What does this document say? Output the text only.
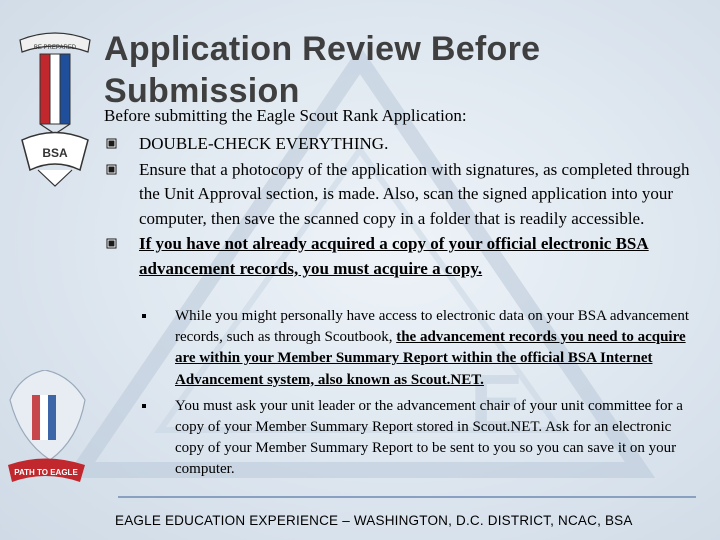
E
BE PREPARED
BSA
PATH TO EAGLE
Application Review Before Submission
Before submitting the Eagle Scout Rank Application:
DOUBLE-CHECK EVERYTHING.
Ensure that a photocopy of the application with signatures, as completed through the Unit Approval section, is made. Also, scan the signed application into your computer, then save the scanned copy in a folder that is readily accessible.
If you have not already acquired a copy of your official electronic BSA advancement records, you must acquire a copy.
While you might personally have access to electronic data on your BSA advancement records, such as through Scoutbook, the advancement records you need to acquire are within your Member Summary Report within the official BSA Internet Advancement system, also known as Scout.NET.
You must ask your unit leader or the advancement chair of your unit committee for a copy of your Member Summary Report stored in Scout.NET. Ask for an electronic copy of your Member Summary Report to be sent to you so you can save it on your computer.
EAGLE EDUCATION EXPERIENCE – WASHINGTON, D.C. DISTRICT, NCAC, BSA
